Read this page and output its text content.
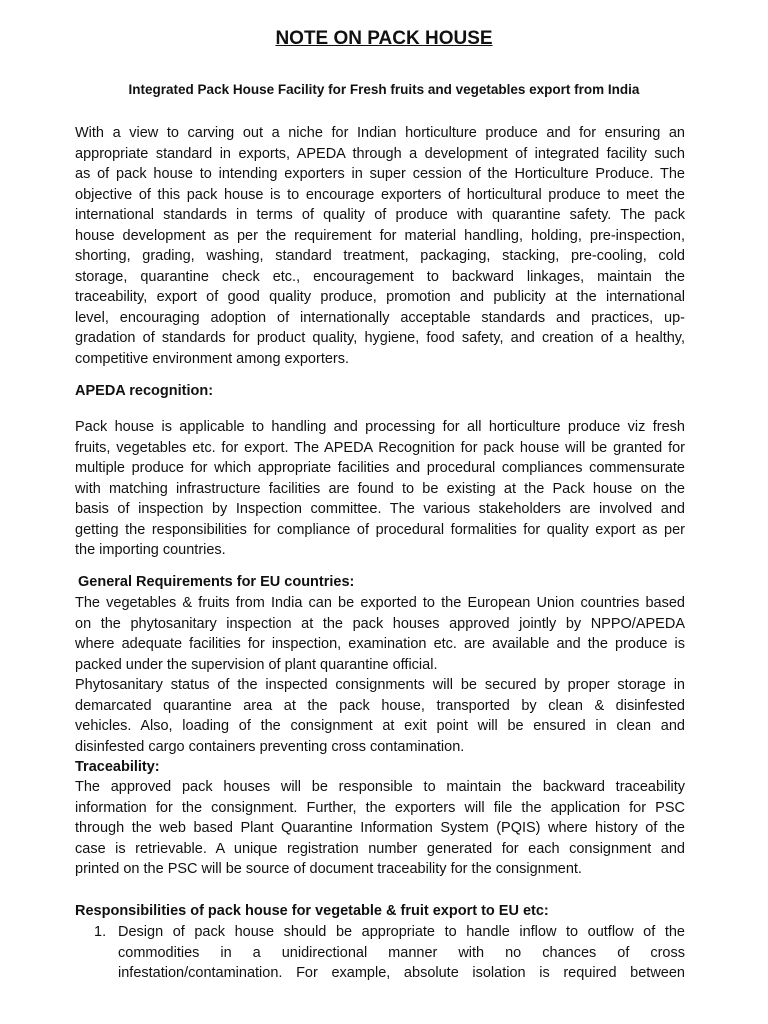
NOTE ON PACK HOUSE
Integrated Pack House Facility for Fresh fruits and vegetables export from India
With a view to carving out a niche for Indian horticulture produce and for ensuring an
appropriate standard in exports, APEDA through a development of integrated facility such
as of pack house to intending exporters in super cession of the Horticulture Produce. The
objective of this pack house is to encourage exporters of horticultural produce to meet the
international standards in terms of quality of produce with quarantine safety. The pack
house development as per the requirement for material handling, holding, pre-inspection,
shorting, grading, washing, standard treatment, packaging, stacking, pre-cooling, cold
storage, quarantine check etc., encouragement to backward linkages, maintain the
traceability, export of good quality produce, promotion and publicity at the international
level, encouraging adoption of internationally acceptable standards and practices, up-
gradation of standards for product quality, hygiene, food safety, and creation of a healthy,
competitive environment among exporters.
APEDA recognition:
Pack house is applicable to handling and processing for all horticulture produce viz fresh
fruits, vegetables etc. for export. The APEDA Recognition for pack house will be granted for
multiple produce for which appropriate facilities and procedural compliances commensurate
with matching infrastructure facilities are found to be existing at the Pack house on the
basis of inspection by Inspection committee. The various stakeholders are involved and
getting the responsibilities for compliance of procedural formalities for quality export as per
the importing countries.
General Requirements for EU countries:
The vegetables & fruits from India can be exported to the European Union countries based
on the phytosanitary inspection at the pack houses approved jointly by NPPO/APEDA
where adequate facilities for inspection, examination etc. are available and the produce is
packed under the supervision of plant quarantine official.
Phytosanitary status of the inspected consignments will be secured by proper storage in
demarcated quarantine area at the pack house, transported by clean & disinfested
vehicles. Also, loading of the consignment at exit point will be ensured in clean and
disinfested cargo containers preventing cross contamination.
Traceability:
The approved pack houses will be responsible to maintain the backward traceability
information for the consignment. Further, the exporters will file the application for PSC
through the web based Plant Quarantine Information System (PQIS) where history of the
case is retrievable. A unique registration number generated for each consignment and
printed on the PSC will be source of document traceability for the consignment.
Responsibilities of pack house for vegetable & fruit export to EU etc:
1. Design of pack house should be appropriate to handle inflow to outflow of the
commodities in a unidirectional manner with no chances of cross
infestation/contamination. For example, absolute isolation is required between
